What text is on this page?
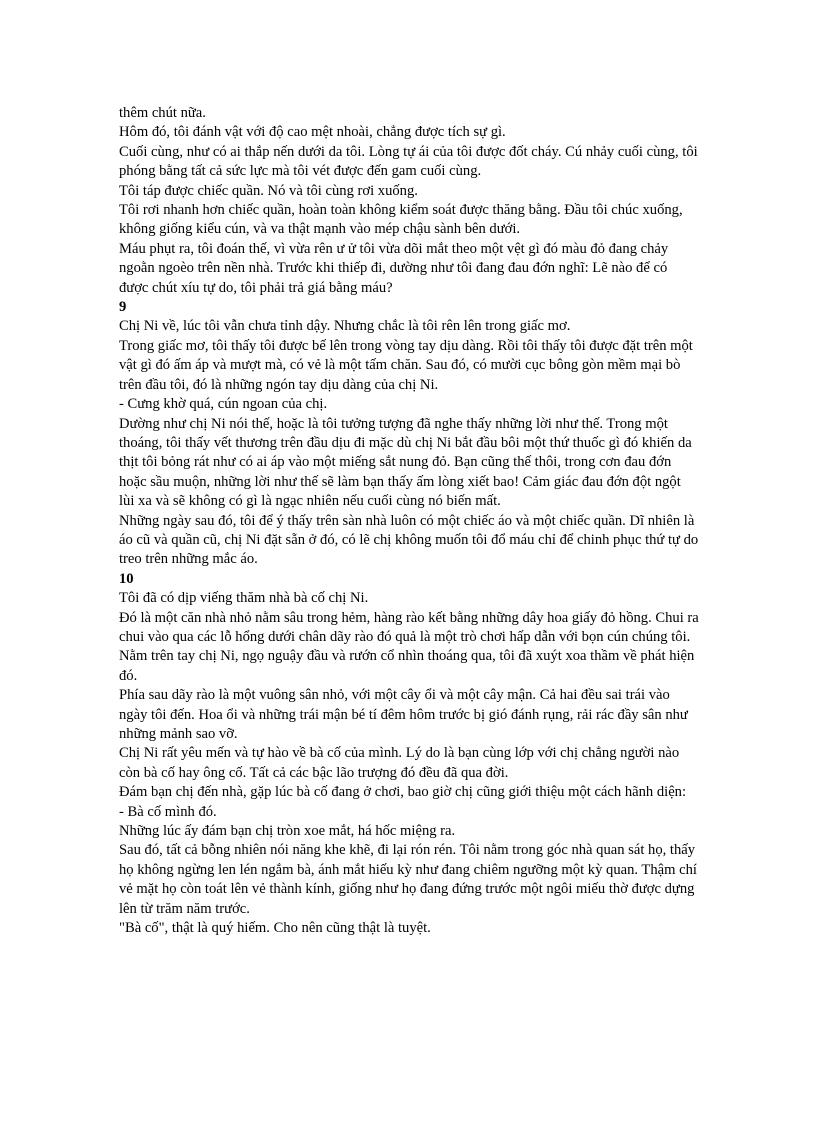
thêm chút nữa.

Hôm đó, tôi đánh vật với độ cao mệt nhoài, chẳng được tích sự gì.

Cuối cùng, như có ai thắp nến dưới da tôi. Lòng tự ái của tôi được đốt cháy. Cú nhảy cuối cùng, tôi phóng bằng tất cả sức lực mà tôi vét được đến gam cuối cùng.

Tôi táp được chiếc quần. Nó và tôi cùng rơi xuống.

Tôi rơi nhanh hơn chiếc quần, hoàn toàn không kiểm soát được thăng bằng. Đầu tôi chúc xuống, không giống kiểu cún, và va thật mạnh vào mép chậu sành bên dưới.

Máu phụt ra, tôi đoán thế, vì vừa rên ư ử tôi vừa dõi mắt theo một vệt gì đó màu đỏ đang chảy ngoằn ngoèo trên nền nhà. Trước khi thiếp đi, dường như tôi đang đau đớn nghĩ: Lẽ nào để có được chút xíu tự do, tôi phải trả giá bằng máu?

9

Chị Ni về, lúc tôi vẫn chưa tỉnh dậy. Nhưng chắc là tôi rên lên trong giấc mơ.

Trong giấc mơ, tôi thấy tôi được bế lên trong vòng tay dịu dàng. Rồi tôi thấy tôi được đặt trên một vật gì đó ấm áp và mượt mà, có vẻ là một tấm chăn. Sau đó, có mười cục bông gòn mềm mại bò trên đầu tôi, đó là những ngón tay dịu dàng của chị Ni.

- Cưng khờ quá, cún ngoan của chị.

Dường như chị Ni nói thế, hoặc là tôi tưởng tượng đã nghe thấy những lời như thế. Trong một thoáng, tôi thấy vết thương trên đầu dịu đi mặc dù chị Ni bắt đầu bôi một thứ thuốc gì đó khiến da thịt tôi bỏng rát như có ai áp vào một miếng sắt nung đỏ. Bạn cũng thế thôi, trong cơn đau đớn hoặc sầu muộn, những lời như thế sẽ làm bạn thấy ấm lòng xiết bao! Cảm giác đau đớn đột ngột lùi xa và sẽ không có gì là ngạc nhiên nếu cuối cùng nó biến mất.

Những ngày sau đó, tôi để ý thấy trên sàn nhà luôn có một chiếc áo và một chiếc quần. Dĩ nhiên là áo cũ và quần cũ, chị Ni đặt sẵn ở đó, có lẽ chị không muốn tôi đổ máu chỉ để chinh phục thứ tự do treo trên những mắc áo.

10

Tôi đã có dịp viếng thăm nhà bà cố chị Ni.

Đó là một căn nhà nhỏ nằm sâu trong hẻm, hàng rào kết bằng những dây hoa giấy đỏ hồng. Chui ra chui vào qua các lỗ hổng dưới chân dãy rào đó quả là một trò chơi hấp dẫn với bọn cún chúng tôi. Nằm trên tay chị Ni, ngọ nguậy đầu và rướn cổ nhìn thoáng qua, tôi đã xuýt xoa thầm về phát hiện đó.

Phía sau dãy rào là một vuông sân nhỏ, với một cây ổi và một cây mận. Cả hai đều sai trái vào ngày tôi đến. Hoa ổi và những trái mận bé tí đêm hôm trước bị gió đánh rụng, rải rác đầy sân như những mảnh sao vỡ.

Chị Ni rất yêu mến và tự hào về bà cố của mình. Lý do là bạn cùng lớp với chị chẳng người nào còn bà cố hay ông cố. Tất cả các bậc lão trượng đó đều đã qua đời.

Đám bạn chị đến nhà, gặp lúc bà cố đang ở chơi, bao giờ chị cũng giới thiệu một cách hãnh diện:

- Bà cố mình đó.

Những lúc ấy đám bạn chị tròn xoe mắt, há hốc miệng ra.

Sau đó, tất cả bỗng nhiên nói năng khe khẽ, đi lại rón rén. Tôi nằm trong góc nhà quan sát họ, thấy họ không ngừng len lén ngắm bà, ánh mắt hiếu kỳ như đang chiêm ngưỡng một kỳ quan. Thậm chí vẻ mặt họ còn toát lên vẻ thành kính, giống như họ đang đứng trước một ngôi miếu thờ được dựng lên từ trăm năm trước.

"Bà cố", thật là quý hiếm. Cho nên cũng thật là tuyệt.
